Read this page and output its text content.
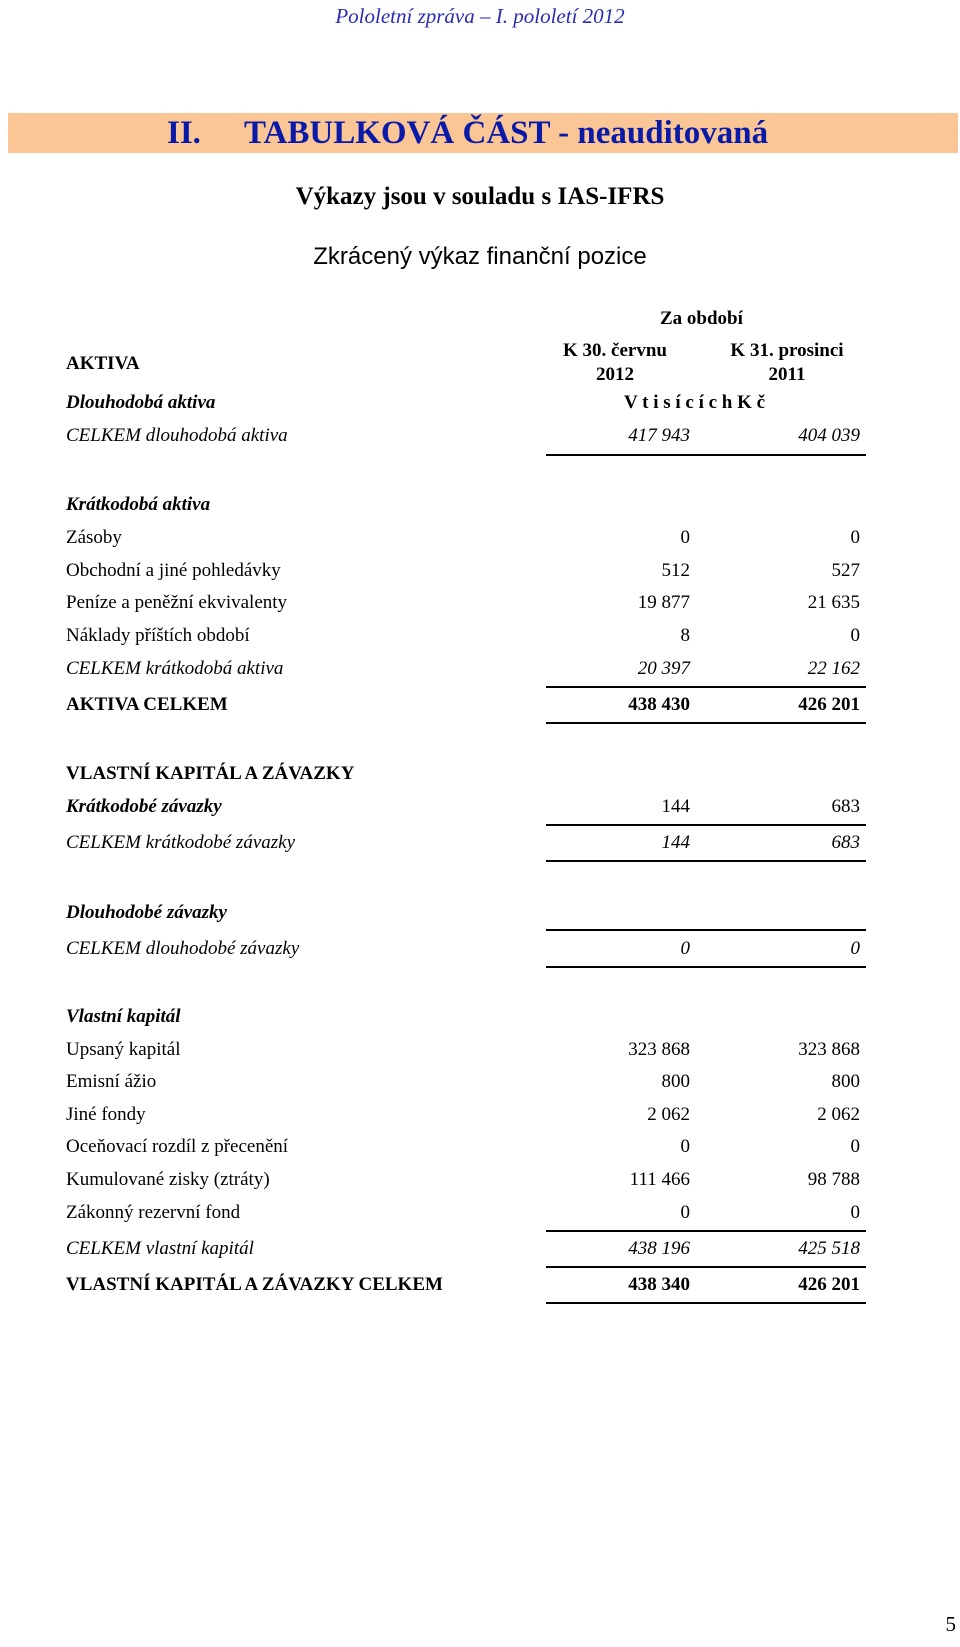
Pololetní zpráva – I. pololetí 2012
II. TABULKOVÁ ČÁST - neauditovaná
Výkazy jsou v souladu s IAS-IFRS
Zkrácený výkaz finanční pozice
Za období
K 30. červnu
2012
K 31. prosinci
2011
V t i s í c í c h K č
AKTIVA
Dlouhodobá aktiva
CELKEM dlouhodobá aktiva	417 943	404 039
Krátkodobá aktiva
Zásoby	0	0
Obchodní a jiné pohledávky	512	527
Peníze a peněžní ekvivalenty	19 877	21 635
Náklady příštích období	8	0
CELKEM krátkodobá aktiva	20 397	22 162
AKTIVA CELKEM	438 430	426 201
VLASTNÍ KAPITÁL A ZÁVAZKY
Krátkodobé závazky	144	683
CELKEM krátkodobé závazky	144	683
Dlouhodobé závazky
CELKEM dlouhodobé závazky	0	0
Vlastní kapitál
Upsaný kapitál	323 868	323 868
Emisní ážio	800	800
Jiné fondy	2 062	2 062
Oceňovací rozdíl z přecenění	0	0
Kumulované zisky (ztráty)	111 466	98 788
Zákonný rezervní fond	0	0
CELKEM vlastní kapitál	438 196	425 518
VLASTNÍ KAPITÁL A ZÁVAZKY CELKEM	438 340	426 201
5
